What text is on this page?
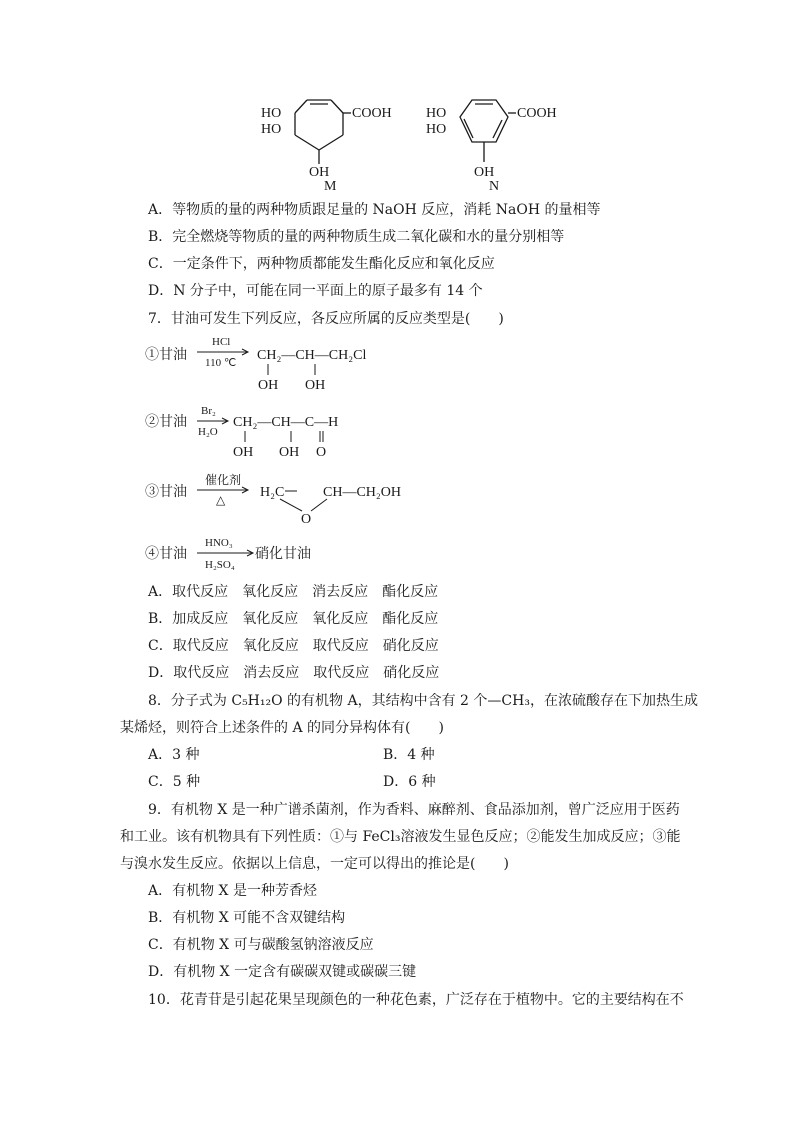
HO
HO
COOH
OH
M
HO
HO
COOH
OH
N
A．等物质的量的两种物质跟足量的 NaOH 反应，消耗 NaOH 的量相等
B．完全燃烧等物质的量的两种物质生成二氧化碳和水的量分别相等
C．一定条件下，两种物质都能发生酯化反应和氧化反应
D．N 分子中，可能在同一平面上的原子最多有 14 个
7．甘油可发生下列反应，各反应所属的反应类型是(　　)
①甘油
HCl
110 ℃ CH₂—CH—CH₂Cl
OH OH
②甘油
Br₂
H₂O
CH₂—CH—C—H
OH OH O
③甘油
催化剂
△ H₂C	CH—CH₂OH
O
④甘油
HNO₃
H₂SO₄
硝化甘油
A．取代反应　氧化反应　消去反应　酯化反应
B．加成反应　氧化反应　氧化反应　酯化反应
C．取代反应　氧化反应　取代反应　硝化反应
D．取代反应　消去反应　取代反应　硝化反应
8．分子式为 C₅H₁₂O 的有机物 A，其结构中含有 2 个—CH₃，在浓硫酸存在下加热生成
某烯烃，则符合上述条件的 A 的同分异构体有(　　)
A．3 种	B．4 种
C．5 种	D．6 种
9．有机物 X 是一种广谱杀菌剂，作为香料、麻醉剂、食品添加剂，曾广泛应用于医药
和工业。该有机物具有下列性质：①与 FeCl₃溶液发生显色反应；②能发生加成反应；③能
与溴水发生反应。依据以上信息，一定可以得出的推论是(　　)
A．有机物 X 是一种芳香烃
B．有机物 X 可能不含双键结构
C．有机物 X 可与碳酸氢钠溶液反应
D．有机物 X 一定含有碳碳双键或碳碳三键
10．花青苷是引起花果呈现颜色的一种花色素，广泛存在于植物中。它的主要结构在不
